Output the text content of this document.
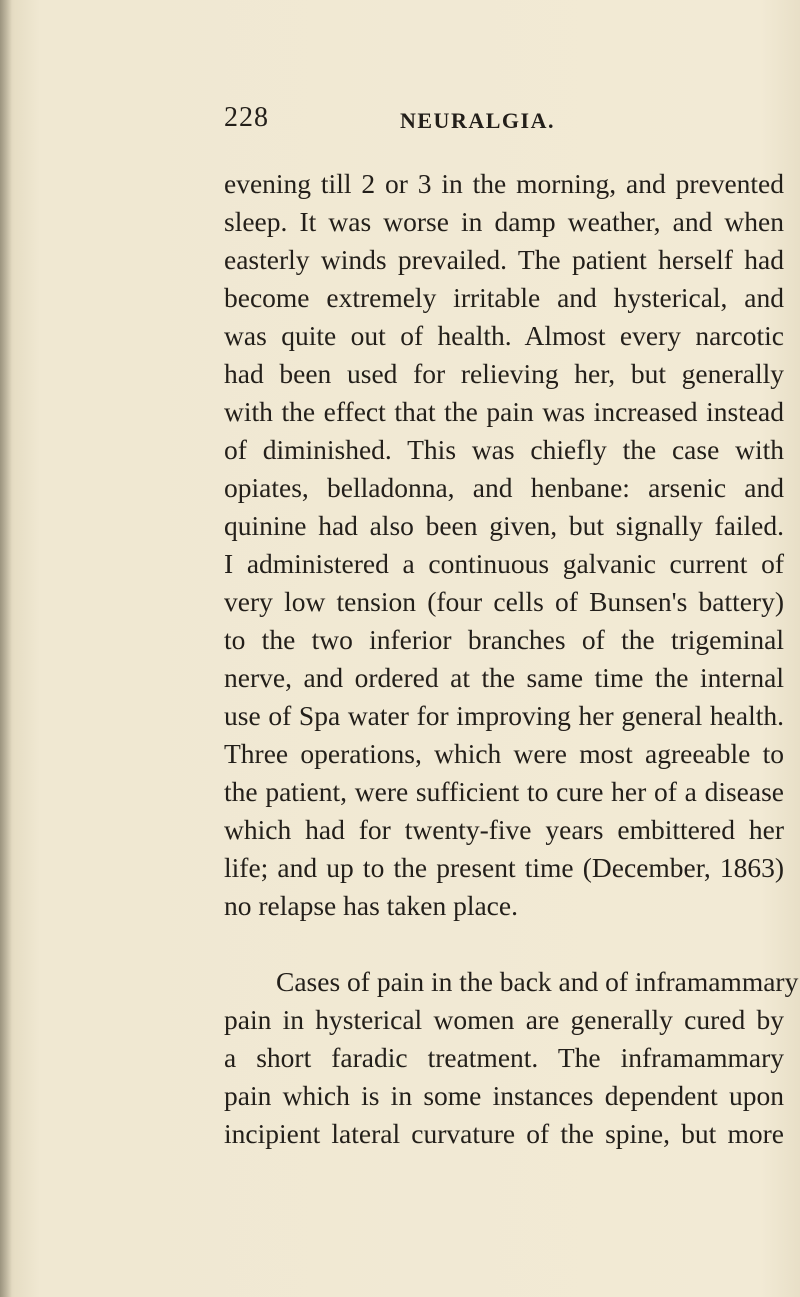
228	NEURALGIA.
evening till 2 or 3 in the morning, and prevented
sleep. It was worse in damp weather, and when
easterly winds prevailed. The patient herself had
become extremely irritable and hysterical, and
was quite out of health. Almost every narcotic
had been used for relieving her, but generally
with the effect that the pain was increased instead
of diminished. This was chiefly the case with
opiates, belladonna, and henbane: arsenic and
quinine had also been given, but signally failed.
I administered a continuous galvanic current of
very low tension (four cells of Bunsen's battery)
to the two inferior branches of the trigeminal
nerve, and ordered at the same time the internal
use of Spa water for improving her general health.
Three operations, which were most agreeable to
the patient, were sufficient to cure her of a disease
which had for twenty-five years embittered her
life; and up to the present time (December, 1863)
no relapse has taken place.
Cases of pain in the back and of inframammary
pain in hysterical women are generally cured by
a short faradic treatment. The inframammary
pain which is in some instances dependent upon
incipient lateral curvature of the spine, but more
